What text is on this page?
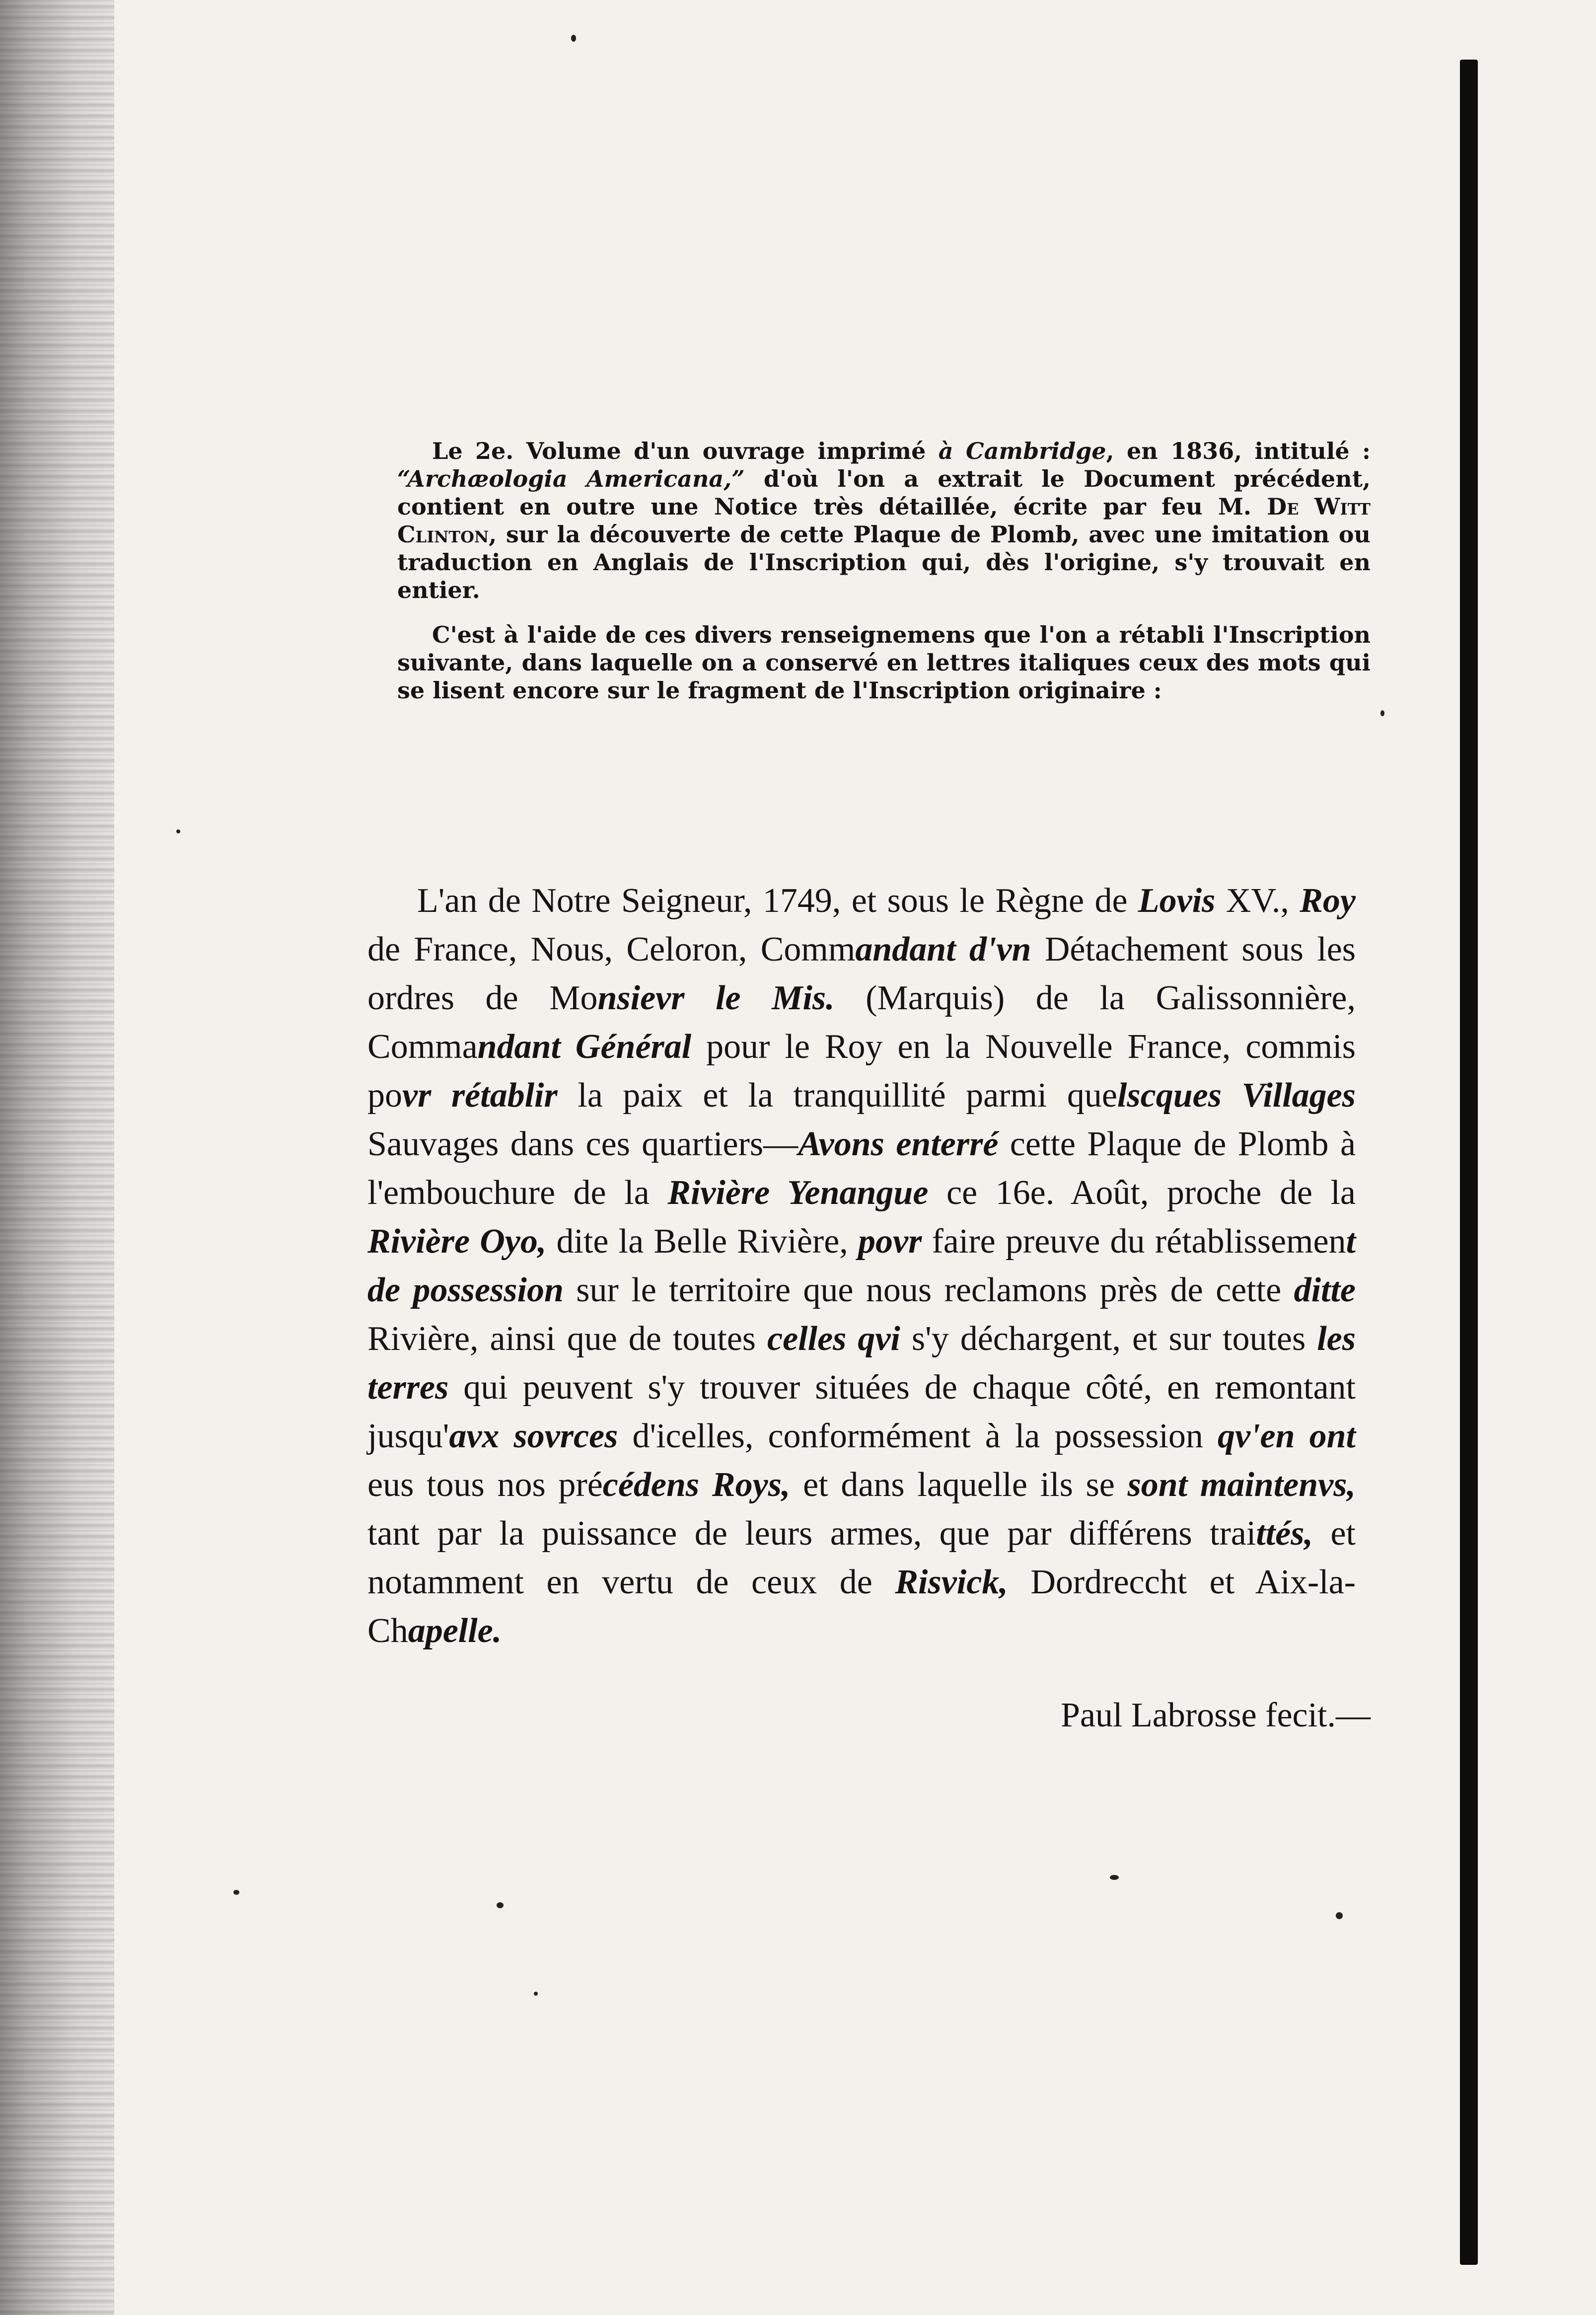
Le 2e. Volume d'un ouvrage imprimé à Cambridge, en 1836, intitulé : “Archæologia Americana,” d'où l'on a extrait le Document précédent, contient en outre une Notice très détaillée, écrite par feu M. De Witt Clinton, sur la découverte de cette Plaque de Plomb, avec une imitation ou traduction en Anglais de l'Inscription qui, dès l'origine, s'y trouvait en entier.

C'est à l'aide de ces divers renseignemens que l'on a rétabli l'Inscription suivante, dans laquelle on a conservé en lettres italiques ceux des mots qui se lisent encore sur le fragment de l'Inscription originaire :

L'an de Notre Seigneur, 1749, et sous le Règne de Lovis XV., Roy de France, Nous, Celoron, Commandant d'vn Détachement sous les ordres de Monsievr le Mis. (Marquis) de la Galissonnière, Commandant Général pour le Roy en la Nouvelle France, commis povr rétablir la paix et la tranquillité parmi quelscques Villages Sauvages dans ces quartiers—Avons enterré cette Plaque de Plomb à l'embouchure de la Rivière Yenangue ce 16e. Août, proche de la Rivière Oyo, dite la Belle Rivière, povr faire preuve du rétablissement de possession sur le territoire que nous reclamons près de cette ditte Rivière, ainsi que de toutes celles qvi s'y déchargent, et sur toutes les terres qui peuvent s'y trouver situées de chaque côté, en remontant jusqu'avx sovrces d'icelles, conformément à la possession qv'en ont eus tous nos précédens Roys, et dans laquelle ils se sont maintenvs, tant par la puissance de leurs armes, que par différens traittés, et notamment en vertu de ceux de Risvick, Dordreccht et Aix-la-Chapelle.

Paul Labrosse fecit.—
